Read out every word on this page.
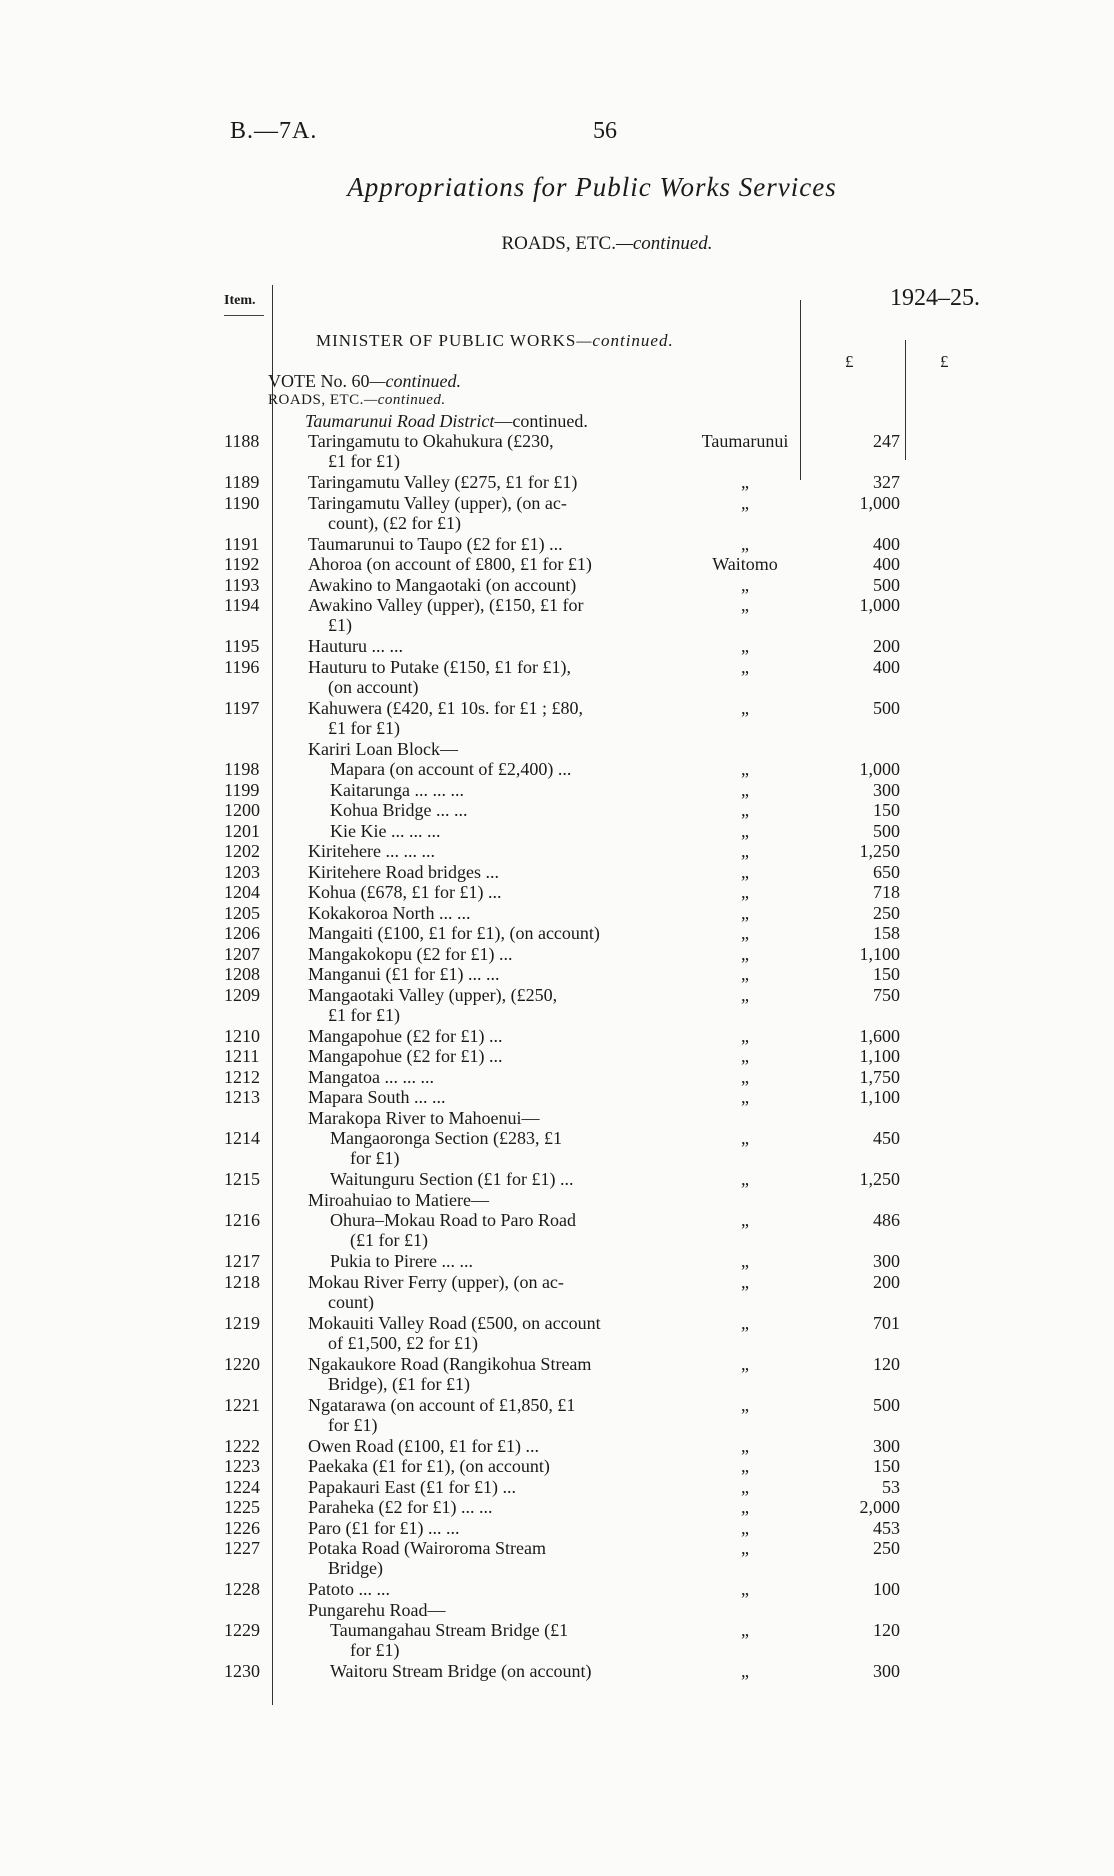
B.—7A.	56
Appropriations for Public Works Services
ROADS, ETC.—continued.
Item.	1924–25.
MINISTER OF PUBLIC WORKS—continued.
£	£
VOTE No. 60—continued.
ROADS, ETC.—continued.
Taumarunui Road District—continued.
1188	Taringamutu to Okahukura (£230,
£1 for £1)
Taumarunui	247
1189	Taringamutu Valley (£275, £1 for £1)	„	327
1190	Taringamutu Valley (upper), (on ac-
count), (£2 for £1)
„	1,000
1191	Taumarunui to Taupo (£2 for £1) ...	„	400
1192	Ahoroa (on account of £800, £1 for £1)	Waitomo	400
1193	Awakino to Mangaotaki (on account)	„	500
1194	Awakino Valley (upper), (£150, £1 for
£1)
„	1,000
1195	Hauturu ... ...	„	200
1196	Hauturu to Putake (£150, £1 for £1),
(on account)
„	400
1197	Kahuwera (£420, £1 10s. for £1 ; £80,
£1 for £1)
„	500
Kariri Loan Block—
1198	Mapara (on account of £2,400) ...	„	1,000
1199	Kaitarunga ... ... ...	„	300
1200	Kohua Bridge ... ...	„	150
1201	Kie Kie ... ... ...	„	500
1202	Kiritehere ... ... ...	„	1,250
1203	Kiritehere Road bridges ...	„	650
1204	Kohua (£678, £1 for £1) ...	„	718
1205	Kokakoroa North ... ...	„	250
1206	Mangaiti (£100, £1 for £1), (on account)	„	158
1207	Mangakokopu (£2 for £1) ...	„	1,100
1208	Manganui (£1 for £1) ... ...	„	150
1209	Mangaotaki Valley (upper), (£250,
£1 for £1)
„	750
1210	Mangapohue (£2 for £1) ...	„	1,600
1211	Mangapohue (£2 for £1) ...	„	1,100
1212	Mangatoa ... ... ...	„	1,750
1213	Mapara South ... ...	„	1,100
Marakopa River to Mahoenui—
1214	Mangaoronga Section (£283, £1
for £1)
„	450
1215	Waitunguru Section (£1 for £1) ...	„	1,250
Miroahuiao to Matiere—
1216	Ohura–Mokau Road to Paro Road
(£1 for £1)
„	486
1217	Pukia to Pirere ... ...	„	300
1218	Mokau River Ferry (upper), (on ac-
count)
„	200
1219	Mokauiti Valley Road (£500, on account
of £1,500, £2 for £1)
„	701
1220	Ngakaukore Road (Rangikohua Stream
Bridge), (£1 for £1)
„	120
1221	Ngatarawa (on account of £1,850, £1
for £1)
„	500
1222	Owen Road (£100, £1 for £1) ...	„	300
1223	Paekaka (£1 for £1), (on account)	„	150
1224	Papakauri East (£1 for £1) ...	„	53
1225	Paraheka (£2 for £1) ... ...	„	2,000
1226	Paro (£1 for £1) ... ...	„	453
1227	Potaka Road (Wairoroma Stream
Bridge)
„	250
1228	Patoto ... ...	„	100
Pungarehu Road—
1229	Taumangahau Stream Bridge (£1
for £1)
„	120
1230	Waitoru Stream Bridge (on account)	„	300
